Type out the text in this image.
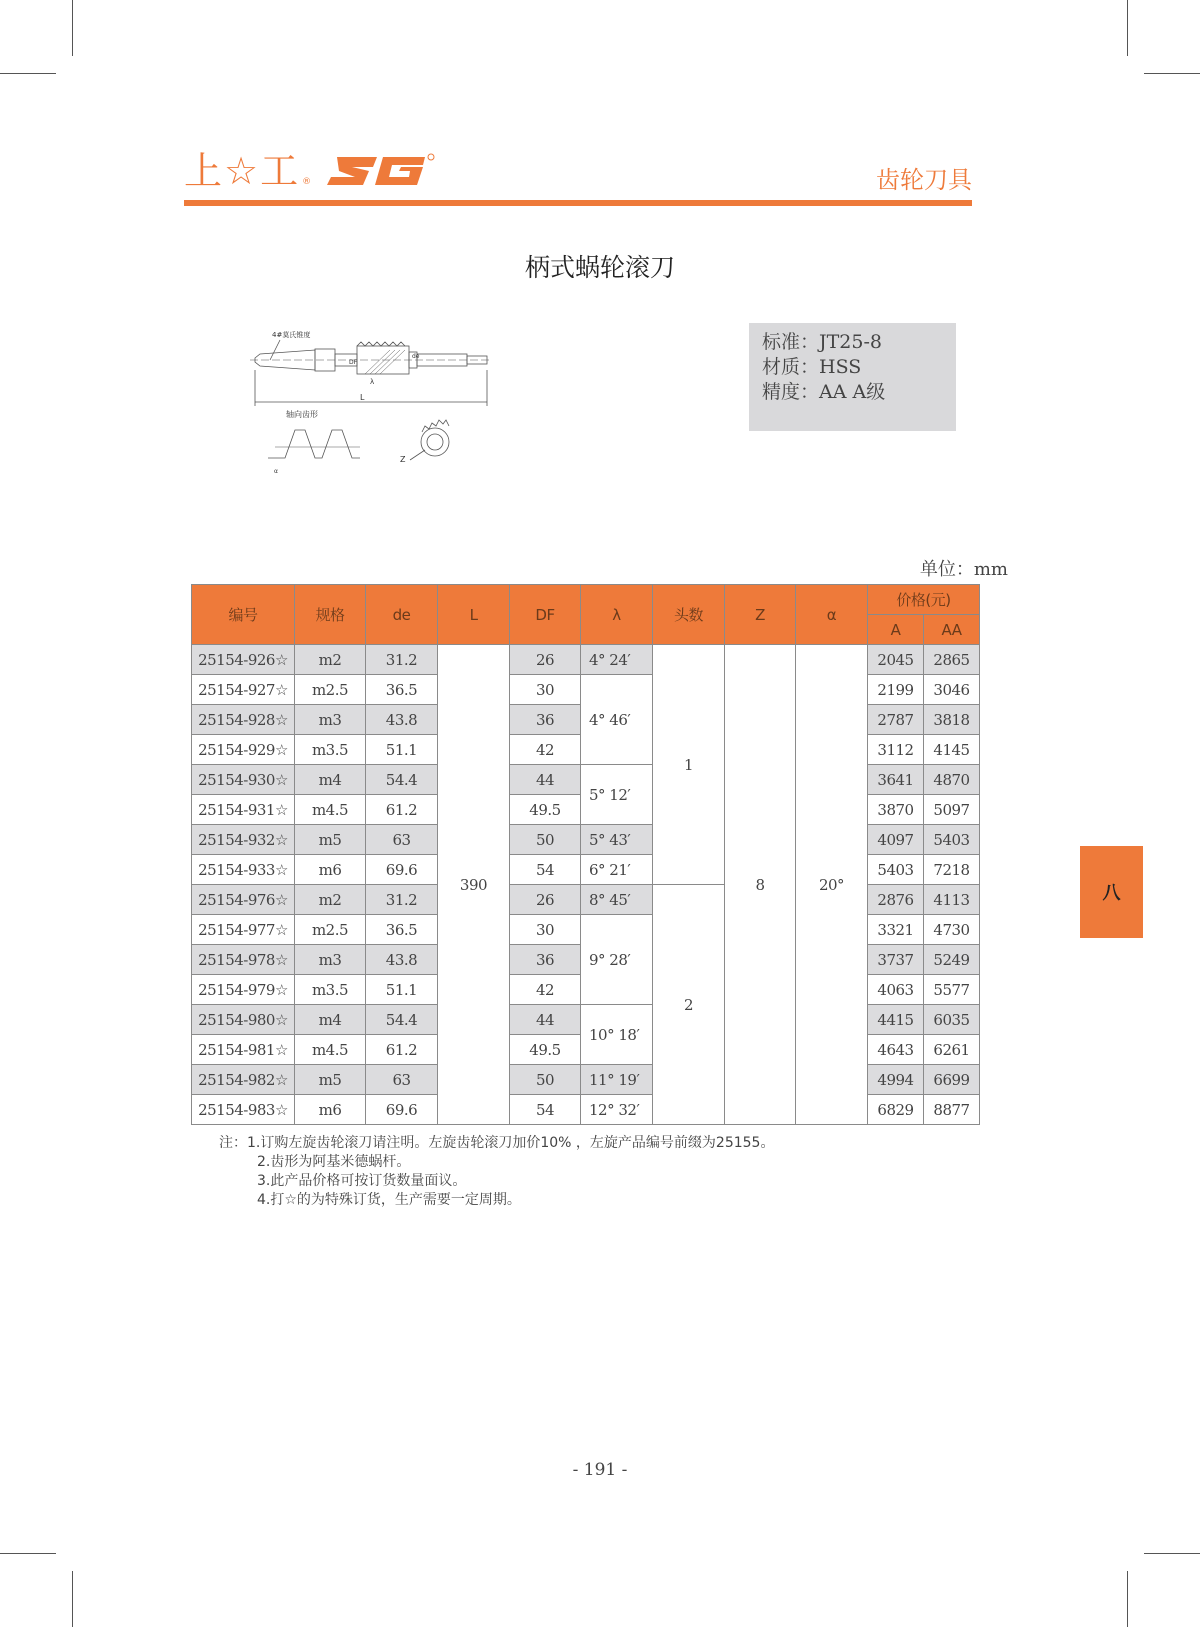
上☆工 ®	齿轮刀具
柄式蜗轮滚刀
4#莫氏锥度
DF
de
λ
L
轴向齿形
α
Z
标准：JT25-8
材质：HSS
精度：AA A级
单位：mm
编号	规格	de	L	DF	λ	头数	Z	α	价格(元)	
									A	AA
25154-926☆	m2	31.2	390	26	4° 24′	1	8	20°	2045	2865
25154-927☆	m2.5	36.5		30	4° 46′				2199	3046
25154-928☆	m3	43.8		36					2787	3818
25154-929☆	m3.5	51.1		42					3112	4145
25154-930☆	m4	54.4		44	5° 12′				3641	4870
25154-931☆	m4.5	61.2		49.5					3870	5097
25154-932☆	m5	63		50	5° 43′				4097	5403
25154-933☆	m6	69.6		54	6° 21′				5403	7218
25154-976☆	m2	31.2		26	8° 45′	2			2876	4113
25154-977☆	m2.5	36.5		30	9° 28′				3321	4730
25154-978☆	m3	43.8		36					3737	5249
25154-979☆	m3.5	51.1		42					4063	5577
25154-980☆	m4	54.4		44	10° 18′				4415	6035
25154-981☆	m4.5	61.2		49.5					4643	6261
25154-982☆	m5	63		50	11° 19′				4994	6699
25154-983☆	m6	69.6		54	12° 32′				6829	8877
注：1.订购左旋齿轮滚刀请注明。左旋齿轮滚刀加价10% ，左旋产品编号前缀为25155。
2.齿形为阿基米德蜗杆。
3.此产品价格可按订货数量面议。
4.打☆的为特殊订货，生产需要一定周期。
八
- 191 -
